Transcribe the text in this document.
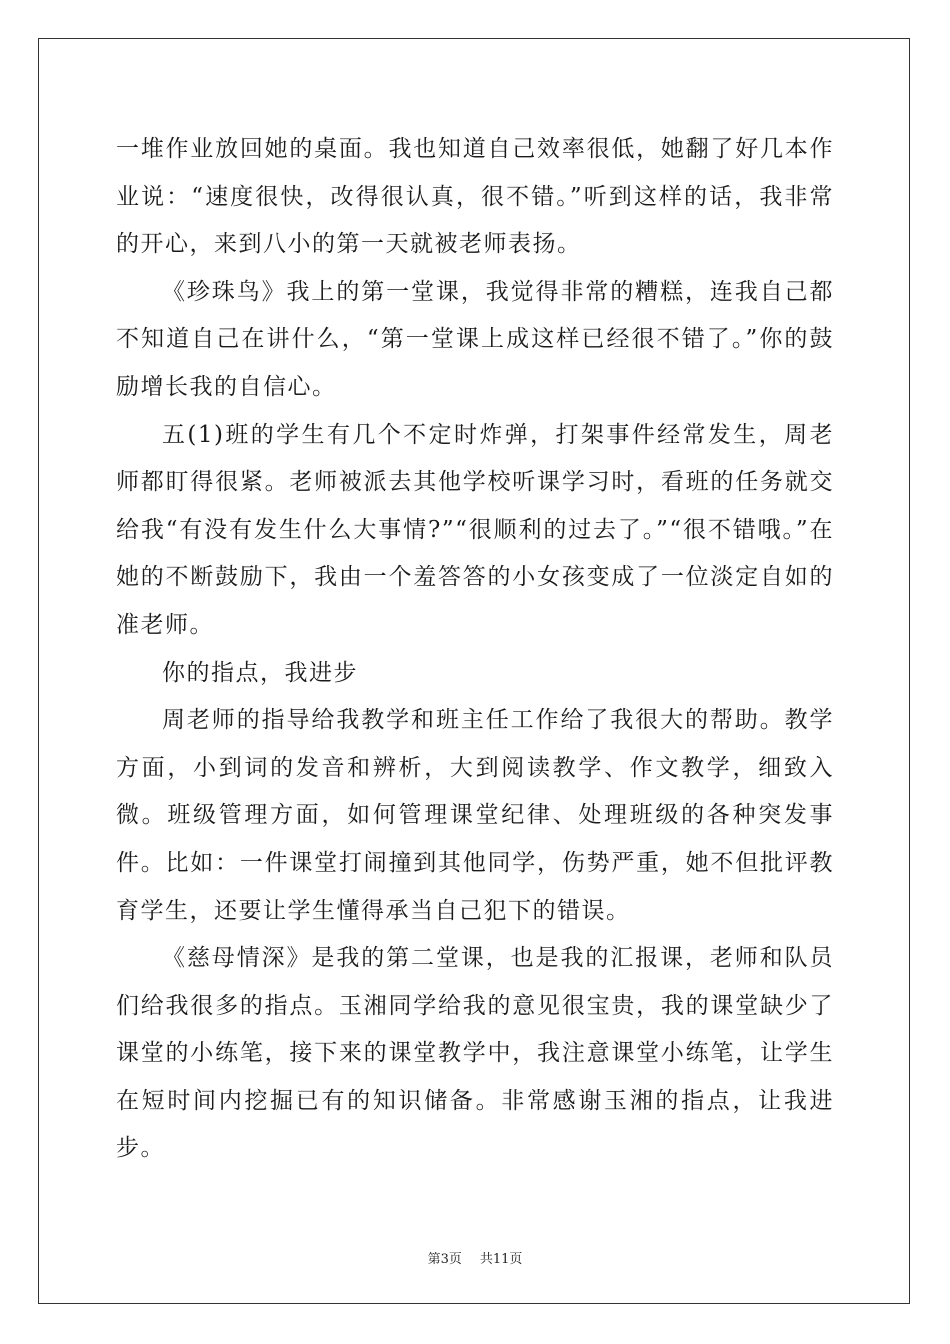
一堆作业放回她的桌面。我也知道自己效率很低，她翻了好几本作业说：“速度很快，改得很认真，很不错。”听到这样的话，我非常的开心，来到八小的第一天就被老师表扬。

《珍珠鸟》我上的第一堂课，我觉得非常的糟糕，连我自己都不知道自己在讲什么，“第一堂课上成这样已经很不错了。”你的鼓励增长我的自信心。

五(1)班的学生有几个不定时炸弹，打架事件经常发生，周老师都盯得很紧。老师被派去其他学校听课学习时，看班的任务就交给我“有没有发生什么大事情?”“很顺利的过去了。”“很不错哦。”在她的不断鼓励下，我由一个羞答答的小女孩变成了一位淡定自如的准老师。

你的指点，我进步

周老师的指导给我教学和班主任工作给了我很大的帮助。教学方面，小到词的发音和辨析，大到阅读教学、作文教学，细致入微。班级管理方面，如何管理课堂纪律、处理班级的各种突发事件。比如：一件课堂打闹撞到其他同学，伤势严重，她不但批评教育学生，还要让学生懂得承当自己犯下的错误。

《慈母情深》是我的第二堂课，也是我的汇报课，老师和队员们给我很多的指点。玉湘同学给我的意见很宝贵，我的课堂缺少了课堂的小练笔，接下来的课堂教学中，我注意课堂小练笔，让学生在短时间内挖掘已有的知识储备。非常感谢玉湘的指点，让我进步。

第3页 共11页
